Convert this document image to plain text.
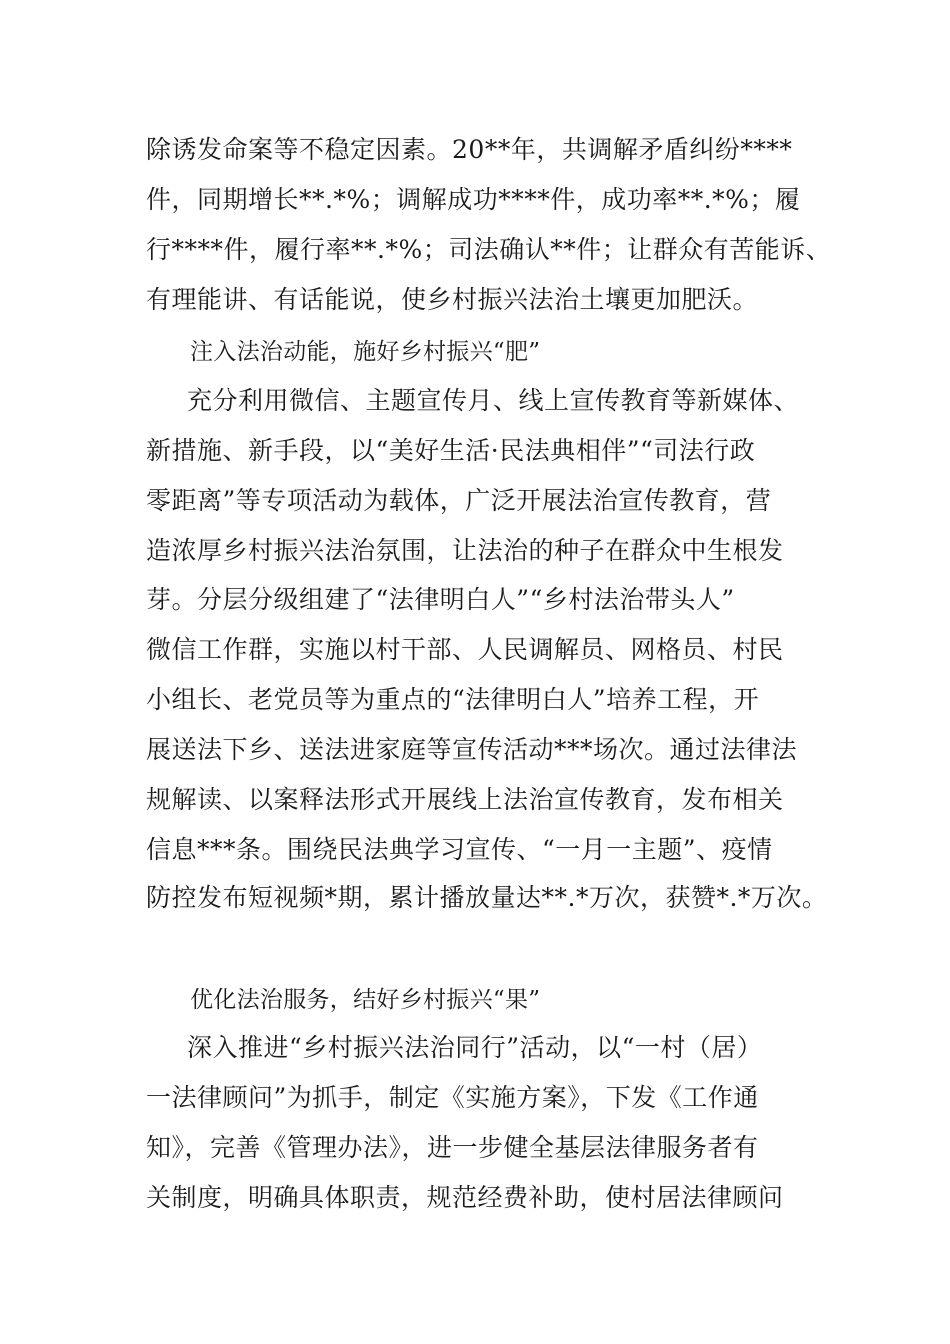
除诱发命案等不稳定因素。20**年，共调解矛盾纠纷****
件，同期增长**.*%；调解成功****件，成功率**.*%；履
行****件，履行率**.*%；司法确认**件；让群众有苦能诉、
有理能讲、有话能说，使乡村振兴法治土壤更加肥沃。
注入法治动能，施好乡村振兴“肥”
充分利用微信、主题宣传月、线上宣传教育等新媒体、
新措施、新手段，以“美好生活·民法典相伴”“司法行政
零距离”等专项活动为载体，广泛开展法治宣传教育，营
造浓厚乡村振兴法治氛围，让法治的种子在群众中生根发
芽。分层分级组建了“法律明白人”“乡村法治带头人”
微信工作群，实施以村干部、人民调解员、网格员、村民
小组长、老党员等为重点的“法律明白人”培养工程，开
展送法下乡、送法进家庭等宣传活动***场次。通过法律法
规解读、以案释法形式开展线上法治宣传教育，发布相关
信息***条。围绕民法典学习宣传、“一月一主题”、疫情
防控发布短视频*期，累计播放量达**.*万次，获赞*.*万次。
优化法治服务，结好乡村振兴“果”
深入推进“乡村振兴法治同行”活动，以“一村（居）
一法律顾问”为抓手，制定《实施方案》，下发《工作通
知》，完善《管理办法》，进一步健全基层法律服务者有
关制度，明确具体职责，规范经费补助，使村居法律顾问
